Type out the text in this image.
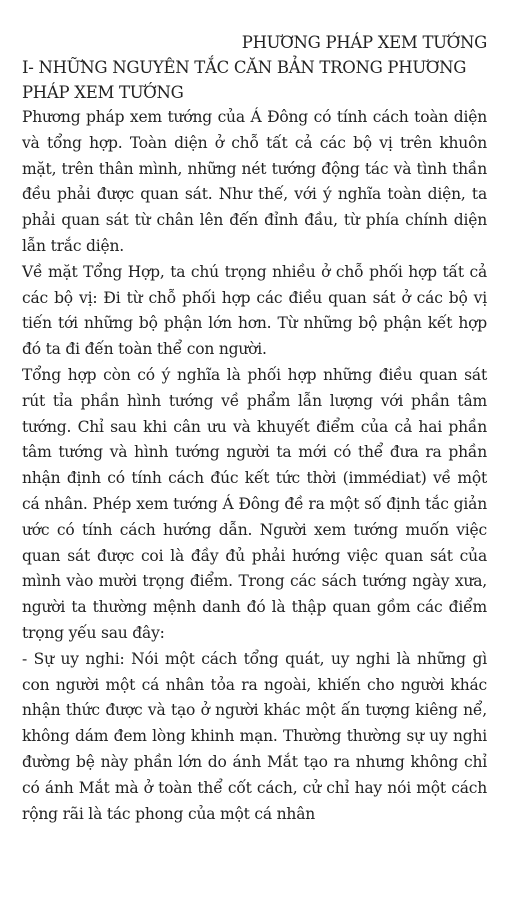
PHƯƠNG PHÁP XEM TƯỚNG
I- NHỮNG NGUYÊN TẮC CĂN BẢN TRONG PHƯƠNG PHÁP XEM TƯỚNG

Phương pháp xem tướng của Á Đông có tính cách toàn diện và tổng hợp. Toàn diện ở chỗ tất cả các bộ vị trên khuôn mặt, trên thân mình, những nét tướng động tác và tình thần đều phải được quan sát. Như thế, với ý nghĩa toàn diện, ta phải quan sát từ chân lên đến đỉnh đầu, từ phía chính diện lẫn trắc diện.

Về mặt Tổng Hợp, ta chú trọng nhiều ở chỗ phối hợp tất cả các bộ vị: Đi từ chỗ phối hợp các điều quan sát ở các bộ vị tiến tới những bộ phận lớn hơn. Từ những bộ phận kết hợp đó ta đi đến toàn thể con người.

Tổng hợp còn có ý nghĩa là phối hợp những điều quan sát rút tỉa phần hình tướng về phẩm lẫn lượng với phần tâm tướng. Chỉ sau khi cân ưu và khuyết điểm của cả hai phần tâm tướng và hình tướng người ta mới có thể đưa ra phần nhận định có tính cách đúc kết tức thời (immédiat) về một cá nhân. Phép xem tướng Á Đông đề ra một số định tắc giản ước có tính cách hướng dẫn. Người xem tướng muốn việc quan sát được coi là đầy đủ phải hướng việc quan sát của mình vào mười trọng điểm. Trong các sách tướng ngày xưa, người ta thường mệnh danh đó là thập quan gồm các điểm trọng yếu sau đây:

- Sự uy nghi: Nói một cách tổng quát, uy nghi là những gì con người một cá nhân tỏa ra ngoài, khiến cho người khác nhận thức được và tạo ở người khác một ấn tượng kiêng nể, không dám đem lòng khinh mạn. Thường thường sự uy nghi đường bệ này phần lớn do ánh Mắt tạo ra nhưng không chỉ có ánh Mắt mà ở toàn thể cốt cách, cử chỉ hay nói một cách rộng rãi là tác phong của một cá nhân
